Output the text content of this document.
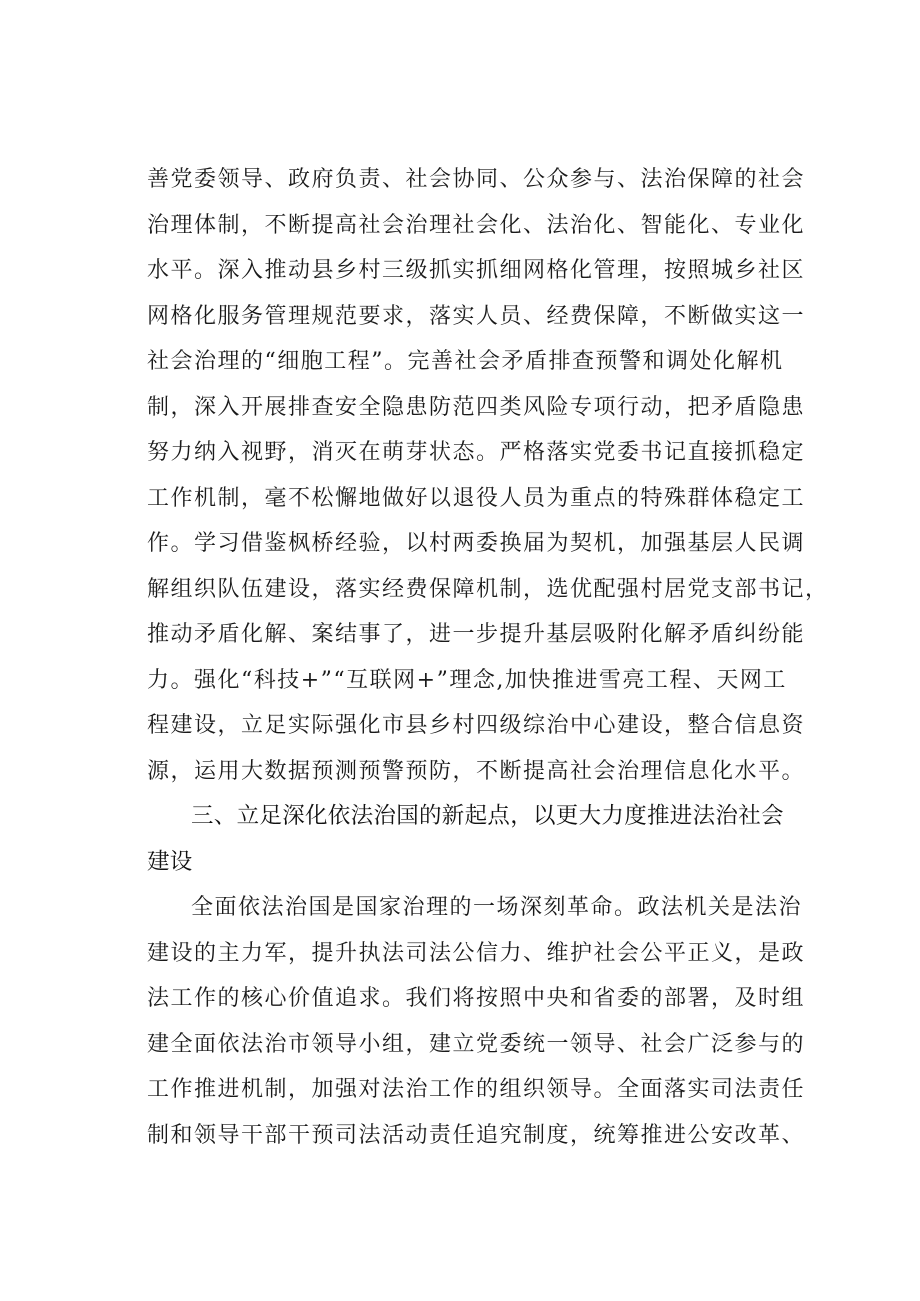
善党委领导、政府负责、社会协同、公众参与、法治保障的社会
治理体制，不断提高社会治理社会化、法治化、智能化、专业化
水平。深入推动县乡村三级抓实抓细网格化管理，按照城乡社区
网格化服务管理规范要求，落实人员、经费保障，不断做实这一
社会治理的“细胞工程”。完善社会矛盾排查预警和调处化解机
制，深入开展排查安全隐患防范四类风险专项行动，把矛盾隐患
努力纳入视野，消灭在萌芽状态。严格落实党委书记直接抓稳定
工作机制，毫不松懈地做好以退役人员为重点的特殊群体稳定工
作。学习借鉴枫桥经验，以村两委换届为契机，加强基层人民调
解组织队伍建设，落实经费保障机制，选优配强村居党支部书记，
推动矛盾化解、案结事了，进一步提升基层吸附化解矛盾纠纷能
力。强化“科技+”“互联网+”理念,加快推进雪亮工程、天网工
程建设，立足实际强化市县乡村四级综治中心建设，整合信息资
源，运用大数据预测预警预防，不断提高社会治理信息化水平。
三、立足深化依法治国的新起点，以更大力度推进法治社会
建设
全面依法治国是国家治理的一场深刻革命。政法机关是法治
建设的主力军，提升执法司法公信力、维护社会公平正义，是政
法工作的核心价值追求。我们将按照中央和省委的部署，及时组
建全面依法治市领导小组，建立党委统一领导、社会广泛参与的
工作推进机制，加强对法治工作的组织领导。全面落实司法责任
制和领导干部干预司法活动责任追究制度，统筹推进公安改革、
